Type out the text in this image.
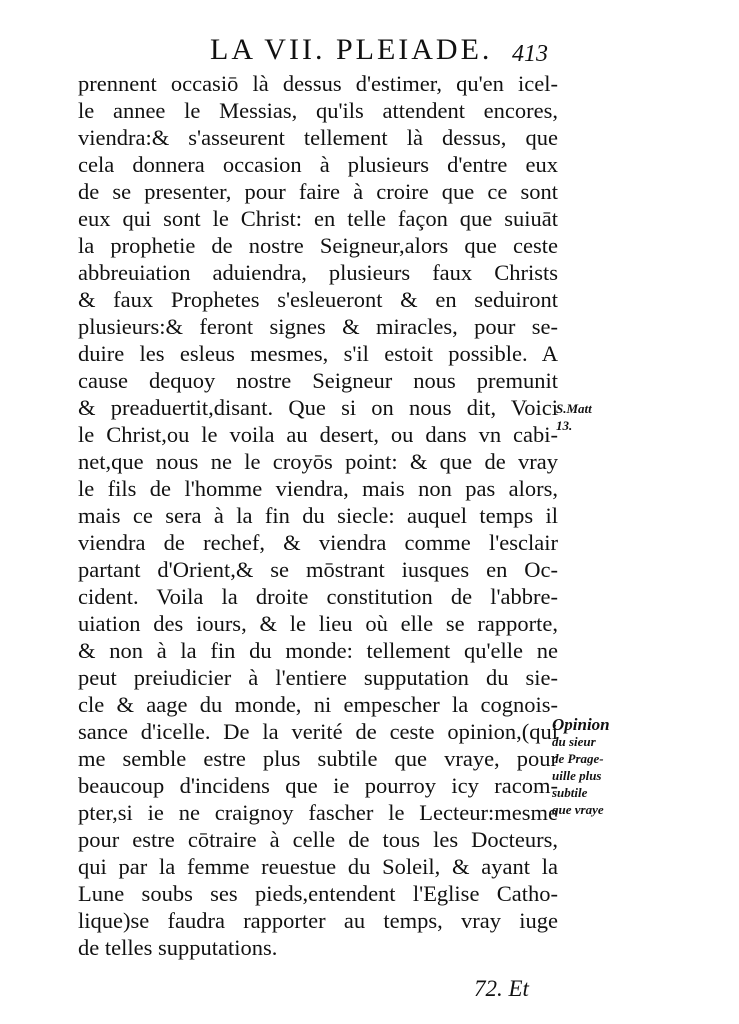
LA VII. PLEIADE. 413
prennent occasiō là dessus d'estimer, qu'en icel-
le annee le Messias, qu'ils attendent encores,
viendra:& s'asseurent tellement là dessus, que
cela donnera occasion à plusieurs d'entre eux
de se presenter, pour faire à croire que ce sont
eux qui sont le Christ: en telle façon que suiuāt
la prophetie de nostre Seigneur,alors que ceste
abbreuiation aduiendra, plusieurs faux Christs
& faux Prophetes s'esleueront & en seduiront
plusieurs:& feront signes & miracles, pour se-
duire les esleus mesmes, s'il estoit possible. A
cause dequoy nostre Seigneur nous premunit
& preaduertit,disant. Que si on nous dit, Voici
le Christ,ou le voila au desert, ou dans vn cabi-
net,que nous ne le croyōs point: & que de vray
le fils de l'homme viendra, mais non pas alors,
mais ce sera à la fin du siecle: auquel temps il
viendra de rechef, & viendra comme l'esclair
partant d'Orient,& se mōstrant iusques en Oc-
cident. Voila la droite constitution de l'abbre-
uiation des iours, & le lieu où elle se rapporte,
& non à la fin du monde: tellement qu'elle ne
peut preiudicier à l'entiere supputation du sie-
cle & aage du monde, ni empescher la cognois-
sance d'icelle. De la verité de ceste opinion,(qui
me semble estre plus subtile que vraye, pour
beaucoup d'incidens que ie pourroy icy racom-
pter,si ie ne craignoy fascher le Lecteur:mesme
pour estre cōtraire à celle de tous les Docteurs,
qui par la femme reuestue du Soleil, & ayant la
Lune soubs ses pieds,entendent l'Eglise Catho-
lique)se faudra rapporter au temps, vray iuge
de telles supputations.
S.Matt
13.
Opinion
du sieur
de Prage-
uille plus
subtile
que vraye
72. Et
